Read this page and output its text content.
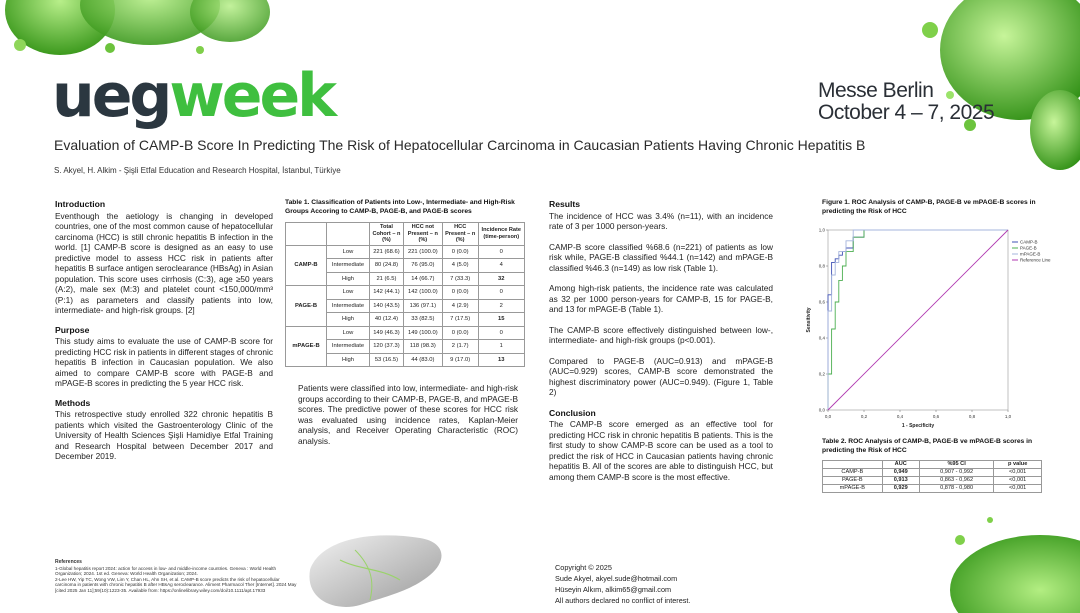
uegweek	Messe Berlin
October 4 – 7, 2025
Evaluation of CAMP-B Score In Predicting The Risk of Hepatocellular Carcinoma in Caucasian Patients Having Chronic Hepatitis B
S. Akyel, H. Alkim - Şişli Etfal Education and Research Hospital, İstanbul, Türkiye
Introduction

Eventhough the aetiology is changing in developed countries, one of the most common cause of hepatocellular carcinoma (HCC) is still chronic hepatitis B infection in the world. [1] CAMP-B score is designed as an easy to use predictive model to assess HCC risk in patients after hepatitis B surface antigen seroclearance (HBsAg) in Asian population. This score uses cirrhosis (C:3), age ≥50 years (A:2), male sex (M:3) and platelet count <150,000/mm³ (P:1) as parameters and classify patients into low, intermediate- and high-risk groups. [2]

Purpose

This study aims to evaluate the use of CAMP-B score for predicting HCC risk in patients in different stages of chronic hepatitis B infection in Caucasian population. We also aimed to compare CAMP-B score with PAGE-B and mPAGE-B scores in predicting the 5 year HCC risk.

Methods

This retrospective study enrolled 322 chronic hepatitis B patients which visited the Gastroenterology Clinic of the University of Health Sciences Şişli Hamidiye Etfal Training and Research Hospital between December 2017 and December 2019.

Table 1. Classification of Patients into Low-, Intermediate- and High-Risk Groups Accoring to CAMP-B, PAGE-B, and PAGE-B scores
		Total Cohort – n (%)	HCC not Present – n (%)	HCC Present – n (%)	Incidence Rate (time-person)
CAMP-B	Low	221 (68.6)	221 (100.0)	0 (0.0)	0
	Intermediate	80 (24.8)	76 (95.0)	4 (5.0)	4
	High	21 (6.5)	14 (66.7)	7 (33.3)	32
PAGE-B	Low	142 (44.1)	142 (100.0)	0 (0.0)	0
	Intermediate	140 (43.5)	136 (97.1)	4 (2.9)	2
	High	40 (12.4)	33 (82.5)	7 (17.5)	15
mPAGE-B	Low	149 (46.3)	149 (100.0)	0 (0.0)	0
	Intermediate	120 (37.3)	118 (98.3)	2 (1.7)	1
	High	53 (16.5)	44 (83.0)	9 (17.0)	13

Patients were classified into low, intermediate- and high-risk groups according to their CAMP-B, PAGE-B, and mPAGE-B scores. The predictive power of these scores for HCC risk was evaluated using incidence rates, Kaplan-Meier analysis, and Receiver Operating Characteristic (ROC) analysis.

Results

The incidence of HCC was 3.4% (n=11), with an incidence rate of 3 per 1000 person-years.

CAMP-B score classified %68.6 (n=221) of patients as low risk while, PAGE-B classified %44.1 (n=142) and mPAGE-B classified %46.3 (n=149) as low risk (Table 1).

Among high-risk patients, the incidence rate was calculated as 32 per 1000 person-years for CAMP-B, 15 for PAGE-B, and 13 for mPAGE-B (Table 1).

The CAMP-B score effectively distinguished between low-, intermediate- and high-risk groups (p<0.001).

Compared to PAGE-B (AUC=0.913) and mPAGE-B (AUC=0.929) scores, CAMP-B score demonstrated the highest discriminatory power (AUC=0.949). (Figure 1, Table 2)

Conclusion

The CAMP-B score emerged as an effective tool for predicting HCC risk in chronic hepatitis B patients. This is the first study to show CAMP-B score can be used as a tool to predict the risk of HCC in Caucasian patients having chronic hepatitis B. All of the scores are able to distinguish HCC, but among them CAMP-B score is the most effective.

Figure 1. ROC Analysis of CAMP-B, PAGE-B ve mPAGE-B scores in predicting the Risk of HCC
0,0	0,2	0,4	0,6	0,8	1,0
0,0
0,2
0,4
0,6
0,8
1,0
1 - Specificity
Sensitivity
CAMP-B
PAGE-B
mPAGE-B
Reference Line
Table 2. ROC Analysis of CAMP-B, PAGE-B ve mPAGE-B scores in predicting the Risk of HCC
	AUC	%95 CI	p value
CAMP-B	0,949	0,907 - 0,992	<0,001
PAGE-B	0,913	0,863 - 0,962	<0,001
mPAGE-B	0,929	0,878 - 0,980	<0,001
References
1-Global hepatitis report 2024: action for access in low- and middle-income countries. Geneva : World Health Organization; 2024. 1st ed. Geneva: World Health Organization; 2024.
2-Lee HW, Yip TC, Wong VW, Lim Y, Chan HL, Ahn SH, et al. CAMP-B score predicts the risk of hepatocellular carcinoma in patients with chronic hepatitis B after HBsAg seroclearance. Aliment Pharmacol Ther [Internet]. 2024 May [cited 2025 Jan 11];59(10):1223-35. Available from: https://onlinelibrary.wiley.com/doi/10.1111/apt.17933
Copyright © 2025
Sude Akyel, akyel.sude@hotmail.com
Hüseyin Alkım, alkim65@gmail.com
All authors declared no conflict of interest.
